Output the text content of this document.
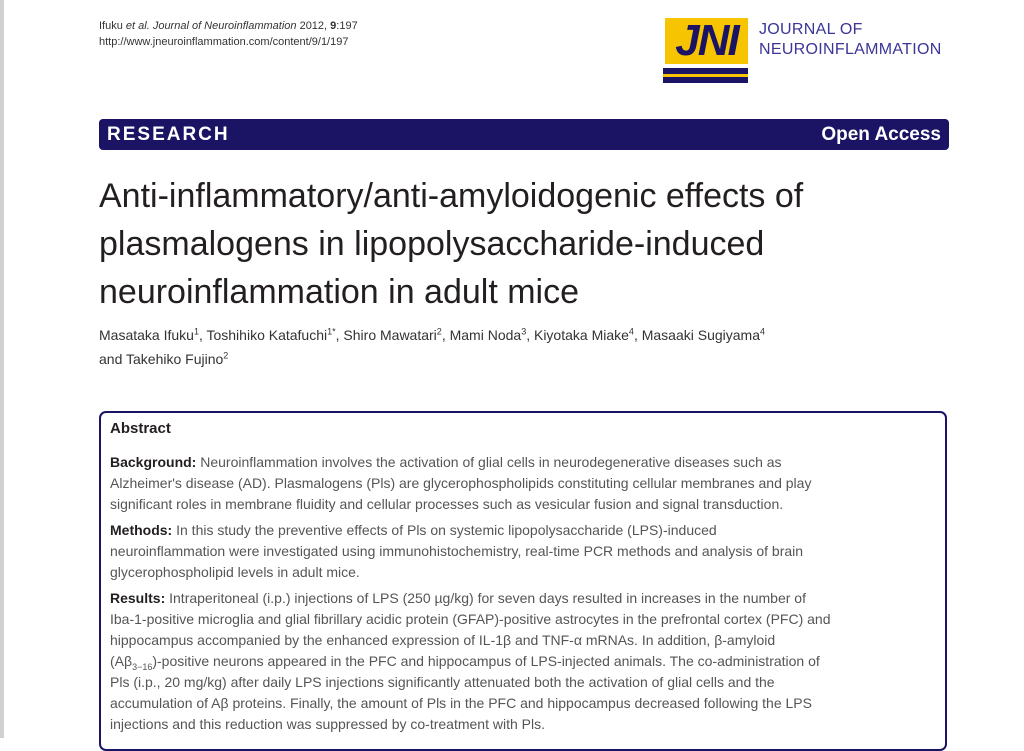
Ifuku et al. Journal of Neuroinflammation 2012, 9:197
http://www.jneuroinflammation.com/content/9/1/197	JNI	JOURNAL OF
NEUROINFLAMMATION
RESEARCH	Open Access
Anti-inflammatory/anti-amyloidogenic effects of
plasmalogens in lipopolysaccharide-induced
neuroinflammation in adult mice
Masataka Ifuku$^1$, Toshihiko Katafuchi$^{1*}$, Shiro Mawatari$^2$, Mami Noda$^3$, Kiyotaka Miake$^4$, Masaaki Sugiyama$^4$
and Takehiko Fujino$^2$
Abstract
Background: Neuroinflammation involves the activation of glial cells in neurodegenerative diseases such as
Alzheimer's disease (AD). Plasmalogens (Pls) are glycerophospholipids constituting cellular membranes and play
significant roles in membrane fluidity and cellular processes such as vesicular fusion and signal transduction.
Methods: In this study the preventive effects of Pls on systemic lipopolysaccharide (LPS)-induced
neuroinflammation were investigated using immunohistochemistry, real-time PCR methods and analysis of brain
glycerophospholipid levels in adult mice.
Results: Intraperitoneal (i.p.) injections of LPS (250 µg/kg) for seven days resulted in increases in the number of
Iba-1-positive microglia and glial fibrillary acidic protein (GFAP)-positive astrocytes in the prefrontal cortex (PFC) and
hippocampus accompanied by the enhanced expression of IL-1β and TNF-α mRNAs. In addition, β-amyloid
$(A\beta_{3-16})$-positive neurons appeared in the PFC and hippocampus of LPS-injected animals. The co-administration of
Pls (i.p., 20 mg/kg) after daily LPS injections significantly attenuated both the activation of glial cells and the
accumulation of Aβ proteins. Finally, the amount of Pls in the PFC and hippocampus decreased following the LPS
injections and this reduction was suppressed by co-treatment with Pls.
